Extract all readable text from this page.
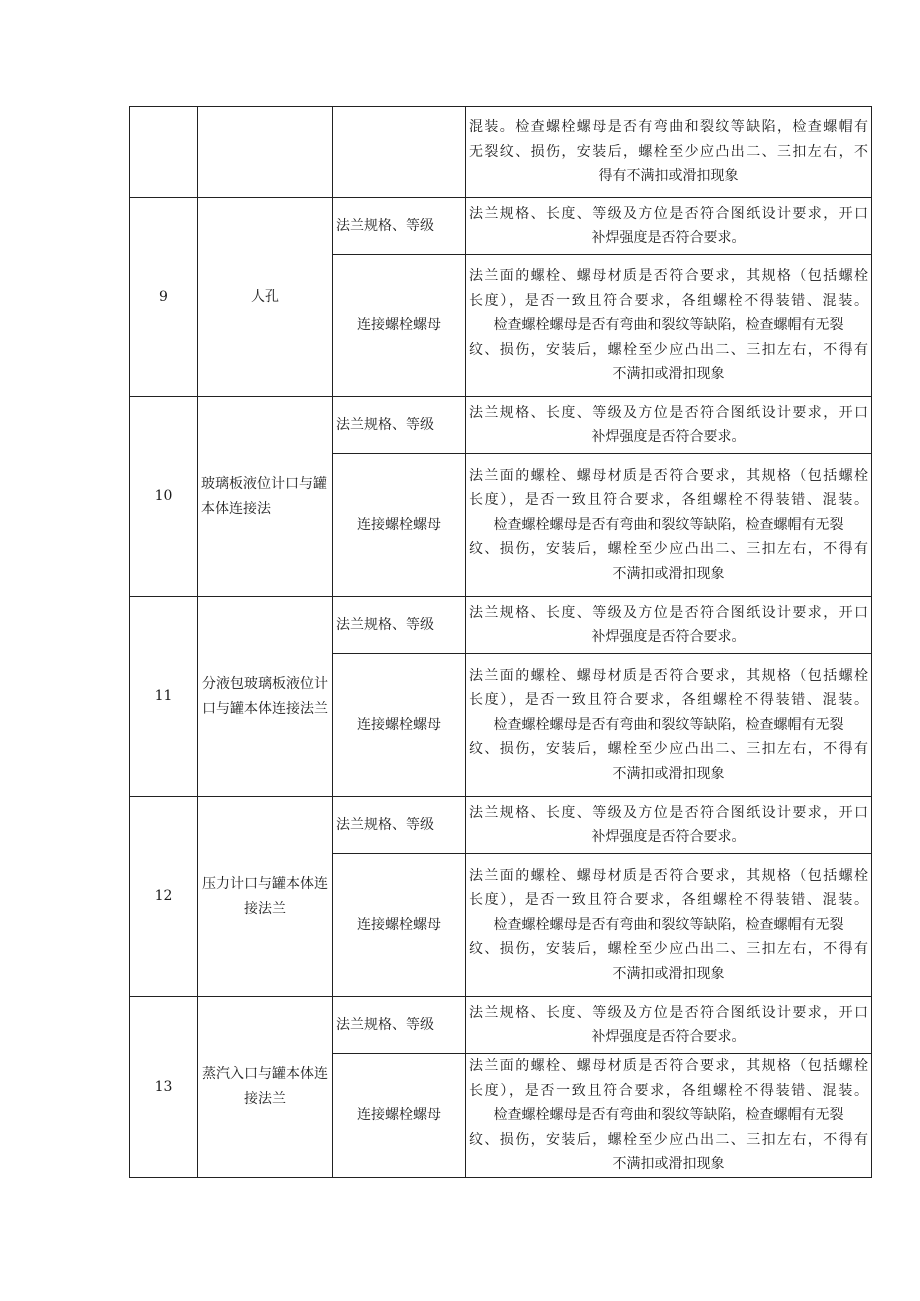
			混装。检查螺栓螺母是否有弯曲和裂纹等缺陷，检查螺帽有

无裂纹、损伤，安装后，螺栓至少应凸出二、三扣左右，不

得有不满扣或滑扣现象

9	人孔	法兰规格、等级	法兰规格、长度、等级及方位是否符合图纸设计要求，开口

补焊强度是否符合要求。

		连接螺栓螺母	法兰面的螺栓、螺母材质是否符合要求，其规格（包括螺栓

长度），是否一致且符合要求，各组螺栓不得装错、混装。

检查螺栓螺母是否有弯曲和裂纹等缺陷，检查螺帽有无裂

纹、损伤，安装后，螺栓至少应凸出二、三扣左右，不得有

不满扣或滑扣现象

10	玻璃板液位计口与罐本体连接法	法兰规格、等级	法兰规格、长度、等级及方位是否符合图纸设计要求，开口

补焊强度是否符合要求。

		连接螺栓螺母	法兰面的螺栓、螺母材质是否符合要求，其规格（包括螺栓

长度），是否一致且符合要求，各组螺栓不得装错、混装。

检查螺栓螺母是否有弯曲和裂纹等缺陷，检查螺帽有无裂

纹、损伤，安装后，螺栓至少应凸出二、三扣左右，不得有

不满扣或滑扣现象

11	分液包玻璃板液位计口与罐本体连接法兰	法兰规格、等级	法兰规格、长度、等级及方位是否符合图纸设计要求，开口

补焊强度是否符合要求。

		连接螺栓螺母	法兰面的螺栓、螺母材质是否符合要求，其规格（包括螺栓

长度），是否一致且符合要求，各组螺栓不得装错、混装。

检查螺栓螺母是否有弯曲和裂纹等缺陷，检查螺帽有无裂

纹、损伤，安装后，螺栓至少应凸出二、三扣左右，不得有

不满扣或滑扣现象

12	压力计口与罐本体连接法兰	法兰规格、等级	法兰规格、长度、等级及方位是否符合图纸设计要求，开口

补焊强度是否符合要求。

		连接螺栓螺母	法兰面的螺栓、螺母材质是否符合要求，其规格（包括螺栓

长度），是否一致且符合要求，各组螺栓不得装错、混装。

检查螺栓螺母是否有弯曲和裂纹等缺陷，检查螺帽有无裂

纹、损伤，安装后，螺栓至少应凸出二、三扣左右，不得有

不满扣或滑扣现象

13	蒸汽入口与罐本体连接法兰	法兰规格、等级	法兰规格、长度、等级及方位是否符合图纸设计要求，开口

补焊强度是否符合要求。

		连接螺栓螺母	法兰面的螺栓、螺母材质是否符合要求，其规格（包括螺栓

长度），是否一致且符合要求，各组螺栓不得装错、混装。

检查螺栓螺母是否有弯曲和裂纹等缺陷，检查螺帽有无裂

纹、损伤，安装后，螺栓至少应凸出二、三扣左右，不得有

不满扣或滑扣现象
